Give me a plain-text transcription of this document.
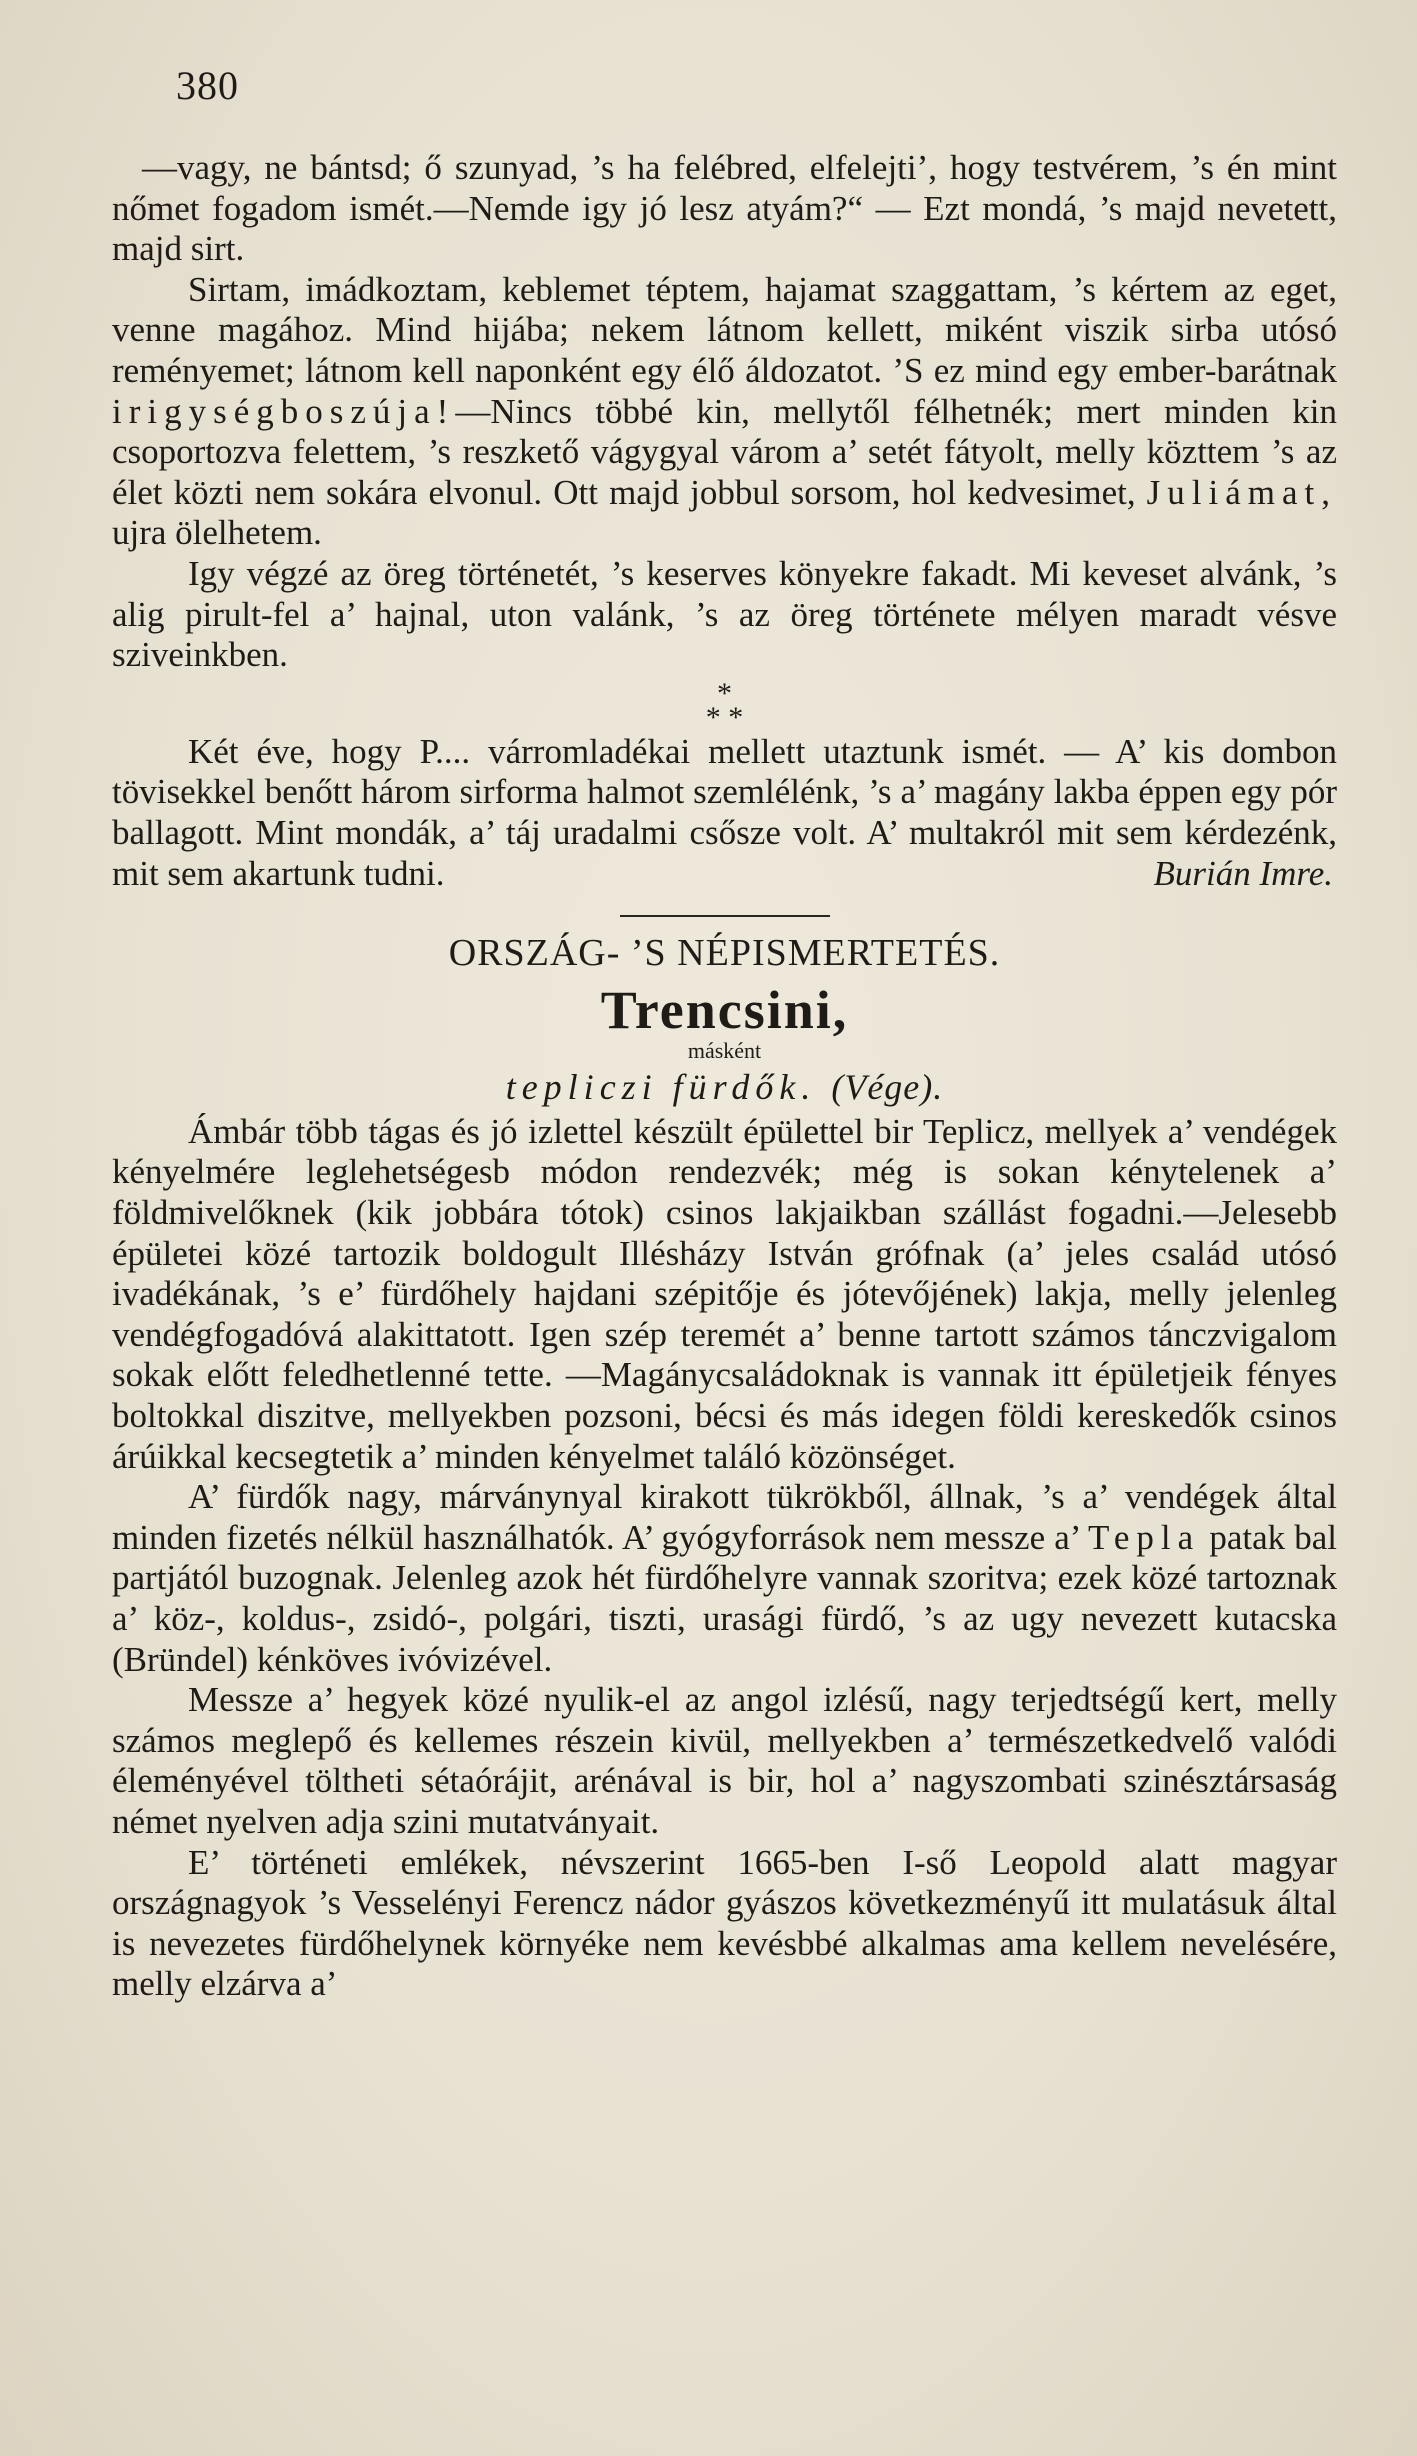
380

—vagy, ne bántsd; ő szunyad, ’s ha felébred, elfelejti’, hogy testvérem, ’s én mint nőmet fogadom ismét.—Nemde igy jó lesz atyám?“ — Ezt mondá, ’s majd nevetett, majd sirt.

Sirtam, imádkoztam, keblemet téptem, hajamat szaggattam, ’s kértem az eget, venne magához. Mind hijába; nekem látnom kellett, miként viszik sirba utósó reményemet; látnom kell naponként egy élő áldozatot. ’S ez mind egy ember-barátnak irigységboszúja!—Nincs többé kin, mellytől félhetnék; mert minden kin csoportozva felettem, ’s reszkető vágygyal várom a’ setét fátyolt, melly közttem ’s az élet közti nem sokára elvonul. Ott majd jobbul sorsom, hol kedvesimet, Juliámat, ujra ölelhetem.

Igy végzé az öreg történetét, ’s keserves könyekre fakadt. Mi keveset alvánk, ’s alig pirult-fel a’ hajnal, uton valánk, ’s az öreg története mélyen maradt vésve sziveinkben.

*
* *

Két éve, hogy P.... várromladékai mellett utaztunk ismét. — A’ kis dombon tövisekkel benőtt három sirforma halmot szemlélénk, ’s a’ magány lakba éppen egy pór ballagott. Mint mondák, a’ táj uradalmi csősze volt. A’ multakról mit sem kérdezénk, mit sem akartunk tudni.	Burián Imre.
ORSZÁG- ’S NÉPISMERTETÉS.
Trencsini,
másként
tepliczi fürdők. (Vége).

Ámbár több tágas és jó izlettel készült épülettel bir Teplicz, mellyek a’ vendégek kényelmére leglehetségesb módon rendezvék; még is sokan kénytelenek a’ földmivelőknek (kik jobbára tótok) csinos lakjaikban szállást fogadni.—Jelesebb épületei közé tartozik boldogult Illésházy István grófnak (a’ jeles család utósó ivadékának, ’s e’ fürdőhely hajdani szépitője és jótevőjének) lakja, melly jelenleg vendégfogadóvá alakittatott. Igen szép teremét a’ benne tartott számos tánczvigalom sokak előtt feledhetlenné tette. —Magánycsaládoknak is vannak itt épületjeik fényes boltokkal diszitve, mellyekben pozsoni, bécsi és más idegen földi kereskedők csinos árúikkal kecsegtetik a’ minden kényelmet találó közönséget.

A’ fürdők nagy, márványnyal kirakott tükrökből, állnak, ’s a’ vendégek által minden fizetés nélkül használhatók. A’ gyógyforrások nem messze a’ Tepla patak bal partjától buzognak. Jelenleg azok hét fürdőhelyre vannak szoritva; ezek közé tartoznak a’ köz-, koldus-, zsidó-, polgári, tiszti, urasági fürdő, ’s az ugy nevezett kutacska (Bründel) kénköves ivóvizével.

Messze a’ hegyek közé nyulik-el az angol izlésű, nagy terjedtségű kert, melly számos meglepő és kellemes részein kivül, mellyekben a’ természetkedvelő valódi éleményével töltheti sétaórájit, arénával is bir, hol a’ nagyszombati szinésztársaság német nyelven adja szini mutatványait.

E’ történeti emlékek, névszerint 1665-ben I-ső Leopold alatt magyar országnagyok ’s Vesselényi Ferencz nádor gyászos következményű itt mulatásuk által is nevezetes fürdőhelynek környéke nem kevésbbé alkalmas ama kellem nevelésére, melly elzárva a’
